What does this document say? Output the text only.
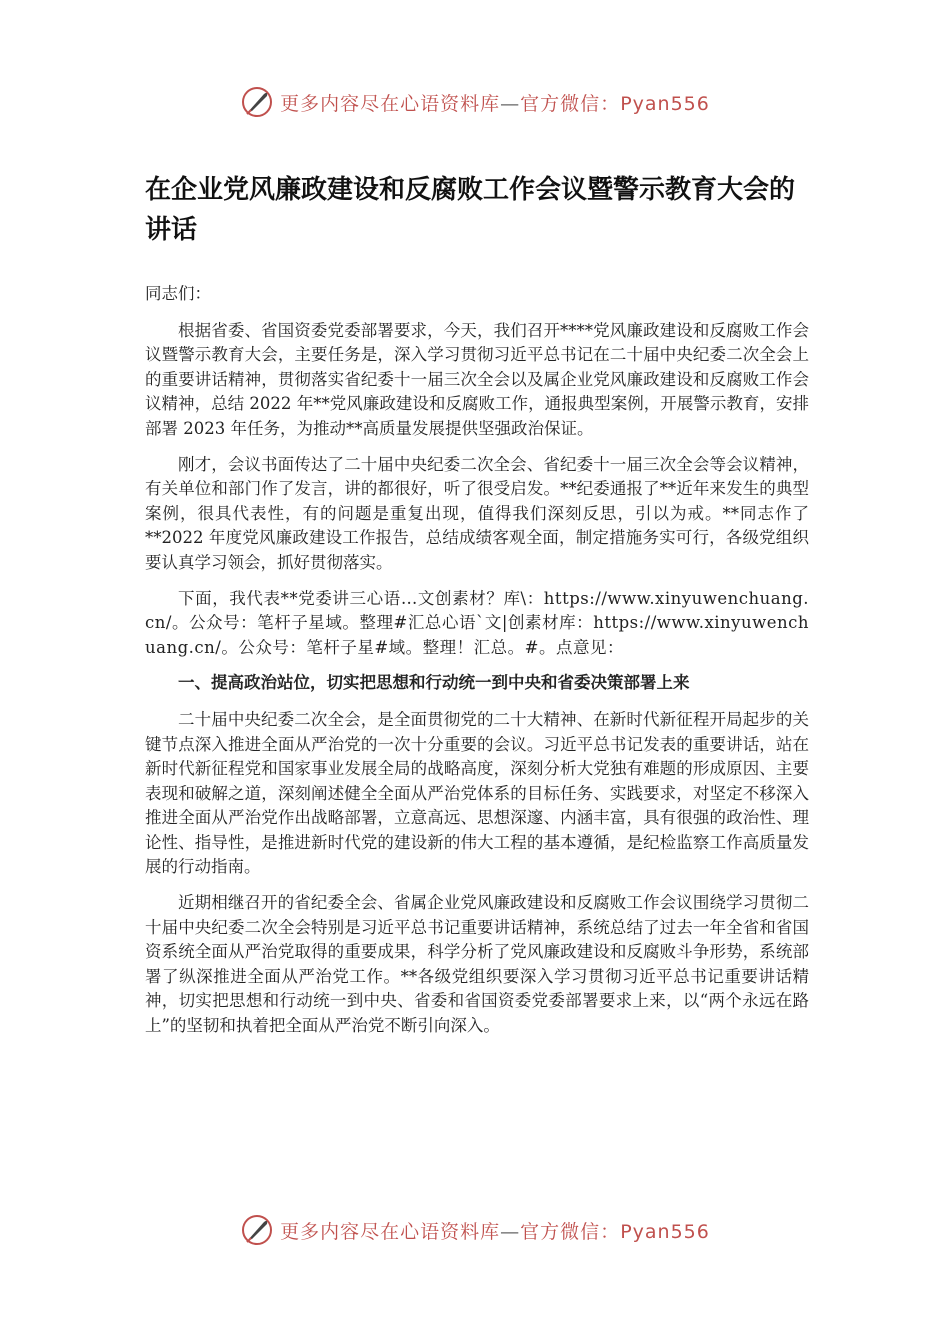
更多内容尽在心语资料库—官方微信：Pyan556
在企业党风廉政建设和反腐败工作会议暨警示教育大会的讲话

同志们：

根据省委、省国资委党委部署要求，今天，我们召开****党风廉政建设和反腐败工作会议暨警示教育大会，主要任务是，深入学习贯彻习近平总书记在二十届中央纪委二次全会上的重要讲话精神，贯彻落实省纪委十一届三次全会以及属企业党风廉政建设和反腐败工作会议精神，总结 2022 年**党风廉政建设和反腐败工作，通报典型案例，开展警示教育，安排部署 2023 年任务，为推动**高质量发展提供坚强政治保证。

刚才，会议书面传达了二十届中央纪委二次全会、省纪委十一届三次全会等会议精神，有关单位和部门作了发言，讲的都很好，听了很受启发。**纪委通报了**近年来发生的典型案例，很具代表性，有的问题是重复出现，值得我们深刻反思，引以为戒。**同志作了**2022 年度党风廉政建设工作报告，总结成绩客观全面，制定措施务实可行，各级党组织要认真学习领会，抓好贯彻落实。

下面，我代表**党委讲三心语…文创素材？库\：https://www.xinyuwenchuang.cn/。公众号：笔杆子星域。整理#汇总心语`文|创素材库：https://www.xinyuwenchuang.cn/。公众号：笔杆子星#域。整理！汇总。#。点意见：

一、提高政治站位，切实把思想和行动统一到中央和省委决策部署上来

二十届中央纪委二次全会，是全面贯彻党的二十大精神、在新时代新征程开局起步的关键节点深入推进全面从严治党的一次十分重要的会议。习近平总书记发表的重要讲话，站在新时代新征程党和国家事业发展全局的战略高度，深刻分析大党独有难题的形成原因、主要表现和破解之道，深刻阐述健全全面从严治党体系的目标任务、实践要求，对坚定不移深入推进全面从严治党作出战略部署，立意高远、思想深邃、内涵丰富，具有很强的政治性、理论性、指导性，是推进新时代党的建设新的伟大工程的基本遵循，是纪检监察工作高质量发展的行动指南。

近期相继召开的省纪委全会、省属企业党风廉政建设和反腐败工作会议围绕学习贯彻二十届中央纪委二次全会特别是习近平总书记重要讲话精神，系统总结了过去一年全省和省国资系统全面从严治党取得的重要成果，科学分析了党风廉政建设和反腐败斗争形势，系统部署了纵深推进全面从严治党工作。**各级党组织要深入学习贯彻习近平总书记重要讲话精神，切实把思想和行动统一到中央、省委和省国资委党委部署要求上来，以“两个永远在路上”的坚韧和执着把全面从严治党不断引向深入。

更多内容尽在心语资料库—官方微信：Pyan556
